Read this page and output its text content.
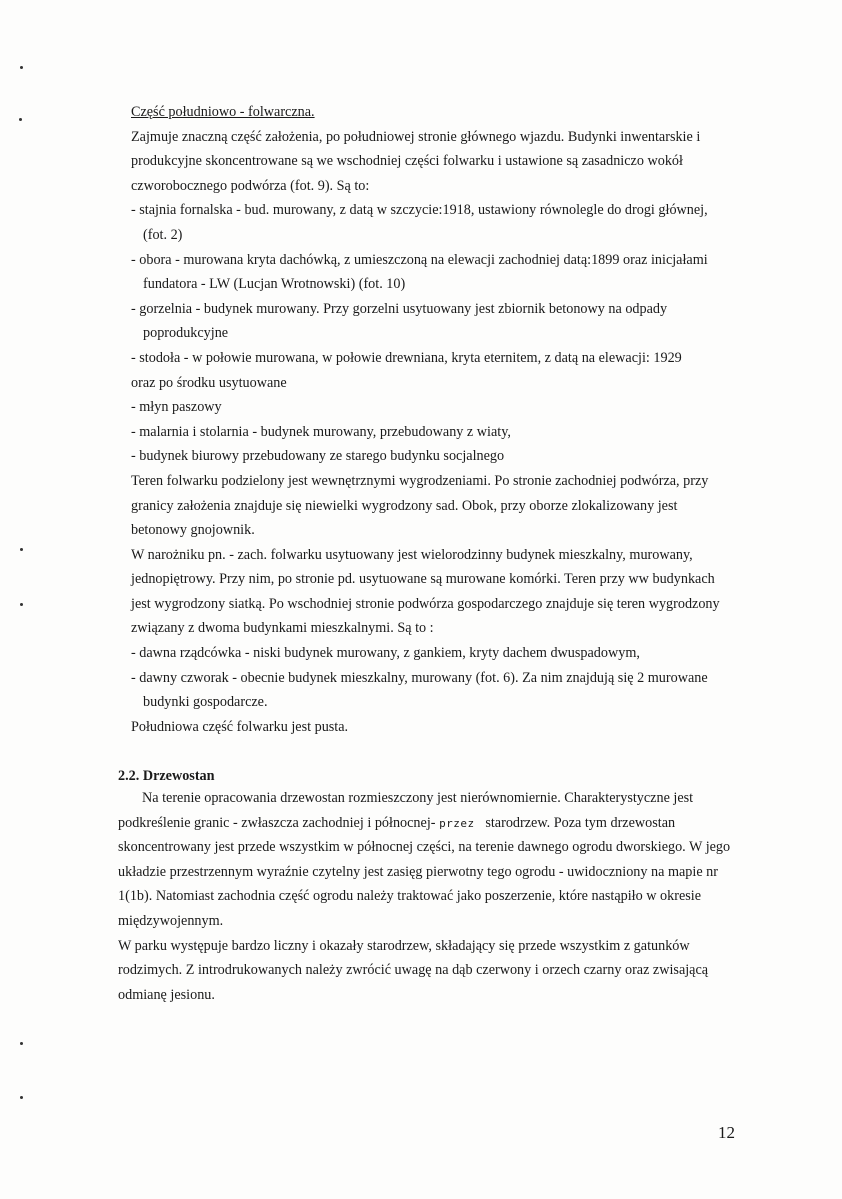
Część południowo - folwarczna.
Zajmuje znaczną część założenia, po południowej stronie głównego wjazdu. Budynki inwentarskie i
produkcyjne skoncentrowane są we wschodniej części folwarku i ustawione są zasadniczo wokół
czworobocznego podwórza (fot. 9). Są to:
- stajnia fornalska - bud. murowany, z datą w szczycie:1918, ustawiony równolegle do drogi głównej,
(fot. 2)
- obora - murowana kryta dachówką, z umieszczoną na elewacji zachodniej datą:1899 oraz inicjałami
fundatora - LW (Lucjan Wrotnowski) (fot. 10)
- gorzelnia - budynek murowany. Przy gorzelni usytuowany jest zbiornik betonowy na odpady
poprodukcyjne
- stodoła - w połowie murowana, w połowie drewniana, kryta eternitem, z datą na elewacji: 1929
oraz po środku usytuowane
- młyn paszowy
- malarnia i stolarnia - budynek murowany, przebudowany z wiaty,
- budynek biurowy przebudowany ze starego budynku socjalnego
Teren folwarku podzielony jest wewnętrznymi wygrodzeniami. Po stronie zachodniej podwórza, przy
granicy założenia znajduje się niewielki wygrodzony sad. Obok, przy oborze zlokalizowany jest
betonowy gnojownik.
W narożniku pn. - zach. folwarku usytuowany jest wielorodzinny budynek mieszkalny, murowany,
jednopiętrowy. Przy nim, po stronie pd. usytuowane są murowane komórki. Teren przy ww budynkach
jest wygrodzony siatką. Po wschodniej stronie podwórza gospodarczego znajduje się teren wygrodzony
związany z dwoma budynkami mieszkalnymi. Są to :
- dawna rządcówka - niski budynek murowany, z gankiem, kryty dachem dwuspadowym,
- dawny czworak - obecnie budynek mieszkalny, murowany (fot. 6). Za nim znajdują się 2 murowane
budynki gospodarcze.
Południowa część folwarku jest pusta.
2.2. Drzewostan
Na terenie opracowania drzewostan rozmieszczony jest nierównomiernie. Charakterystyczne jest
podkreślenie granic - zwłaszcza zachodniej i północnej- przez starodrzew. Poza tym drzewostan
skoncentrowany jest przede wszystkim w północnej części, na terenie dawnego ogrodu dworskiego. W jego
układzie przestrzennym wyraźnie czytelny jest zasięg pierwotny tego ogrodu - uwidoczniony na mapie nr
1(1b). Natomiast zachodnia część ogrodu należy traktować jako poszerzenie, które nastąpiło w okresie
międzywojennym.
W parku występuje bardzo liczny i okazały starodrzew, składający się przede wszystkim z gatunków
rodzimych. Z introdrukowanych należy zwrócić uwagę na dąb czerwony i orzech czarny oraz zwisającą
odmianę jesionu.
12
